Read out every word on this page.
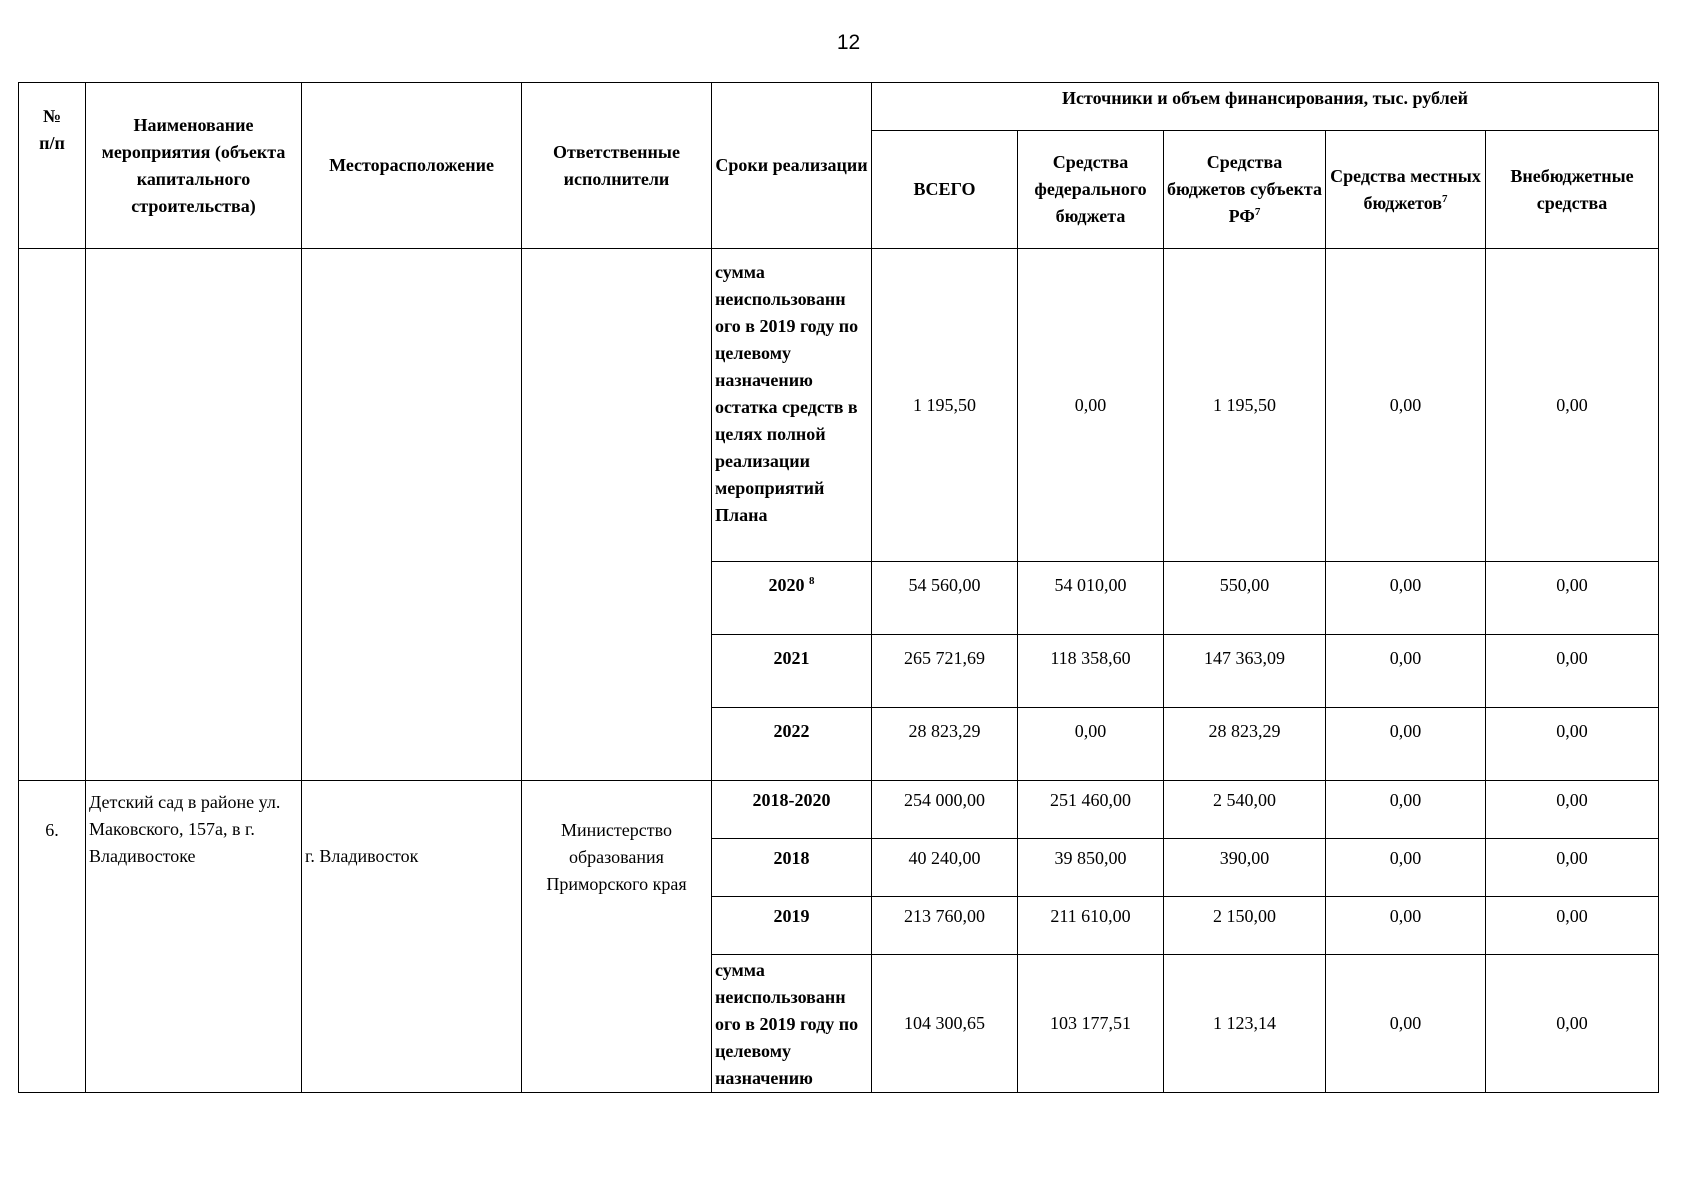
12
№
п/п	Наименование мероприятия (объекта капитального строительства)	Месторасположение	Ответственные исполнители	Сроки реализации	Источники и объем финансирования, тыс. рублей				
					ВСЕГО	Средства федерального бюджета	Средства бюджетов субъекта $РФ^7$	Средства местных бюджетов$^7$	Внебюджетные средства
				сумма неиспользованн ого в 2019 году по целевому назначению остатка средств в целях полной реализации мероприятий Плана	1 195,50	0,00	1 195,50	0,00	0,00
				2020 $^8$	54 560,00	54 010,00	550,00	0,00	0,00
				2021	265 721,69	118 358,60	147 363,09	0,00	0,00
				2022	28 823,29	0,00	28 823,29	0,00	0,00
6.	Детский сад в районе ул. Маковского, 157а, в г. Владивостоке	г. Владивосток	Министерство образования Приморского края	2018-2020	254 000,00	251 460,00	2 540,00	0,00	0,00
				2018	40 240,00	39 850,00	390,00	0,00	0,00
				2019	213 760,00	211 610,00	2 150,00	0,00	0,00
				сумма неиспользованн ого в 2019 году по целевому назначению	104 300,65	103 177,51	1 123,14	0,00	0,00
